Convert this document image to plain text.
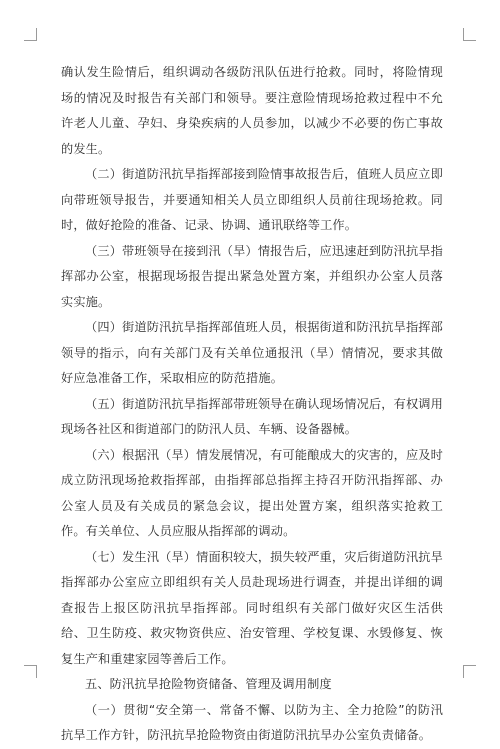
确认发生险情后，组织调动各级防汛队伍进行抢救。同时，将险情现场的情况及时报告有关部门和领导。要注意险情现场抢救过程中不允许老人儿童、孕妇、身染疾病的人员参加，以减少不必要的伤亡事故的发生。

（二）街道防汛抗旱指挥部接到险情事故报告后，值班人员应立即向带班领导报告，并要通知相关人员立即组织人员前往现场抢救。同时，做好抢险的准备、记录、协调、通讯联络等工作。

（三）带班领导在接到汛（旱）情报告后，应迅速赶到防汛抗旱指挥部办公室，根据现场报告提出紧急处置方案，并组织办公室人员落实实施。

（四）街道防汛抗旱指挥部值班人员，根据街道和防汛抗旱指挥部领导的指示，向有关部门及有关单位通报汛（旱）情情况，要求其做好应急准备工作，采取相应的防范措施。

（五）街道防汛抗旱指挥部带班领导在确认现场情况后，有权调用现场各社区和街道部门的防汛人员、车辆、设备器械。

（六）根据汛（旱）情发展情况，有可能酿成大的灾害的，应及时成立防汛现场抢救指挥部，由指挥部总指挥主持召开防汛指挥部、办公室人员及有关成员的紧急会议，提出处置方案，组织落实抢救工作。有关单位、人员应服从指挥部的调动。

（七）发生汛（旱）情面积较大，损失较严重，灾后街道防汛抗旱指挥部办公室应立即组织有关人员赴现场进行调查，并提出详细的调查报告上报区防汛抗旱指挥部。同时组织有关部门做好灾区生活供给、卫生防疫、救灾物资供应、治安管理、学校复课、水毁修复、恢复生产和重建家园等善后工作。

五、防汛抗旱抢险物资储备、管理及调用制度

（一）贯彻“安全第一、常备不懈、以防为主、全力抢险”的防汛抗旱工作方针，防汛抗旱抢险物资由街道防汛抗旱办公室负责储备。
